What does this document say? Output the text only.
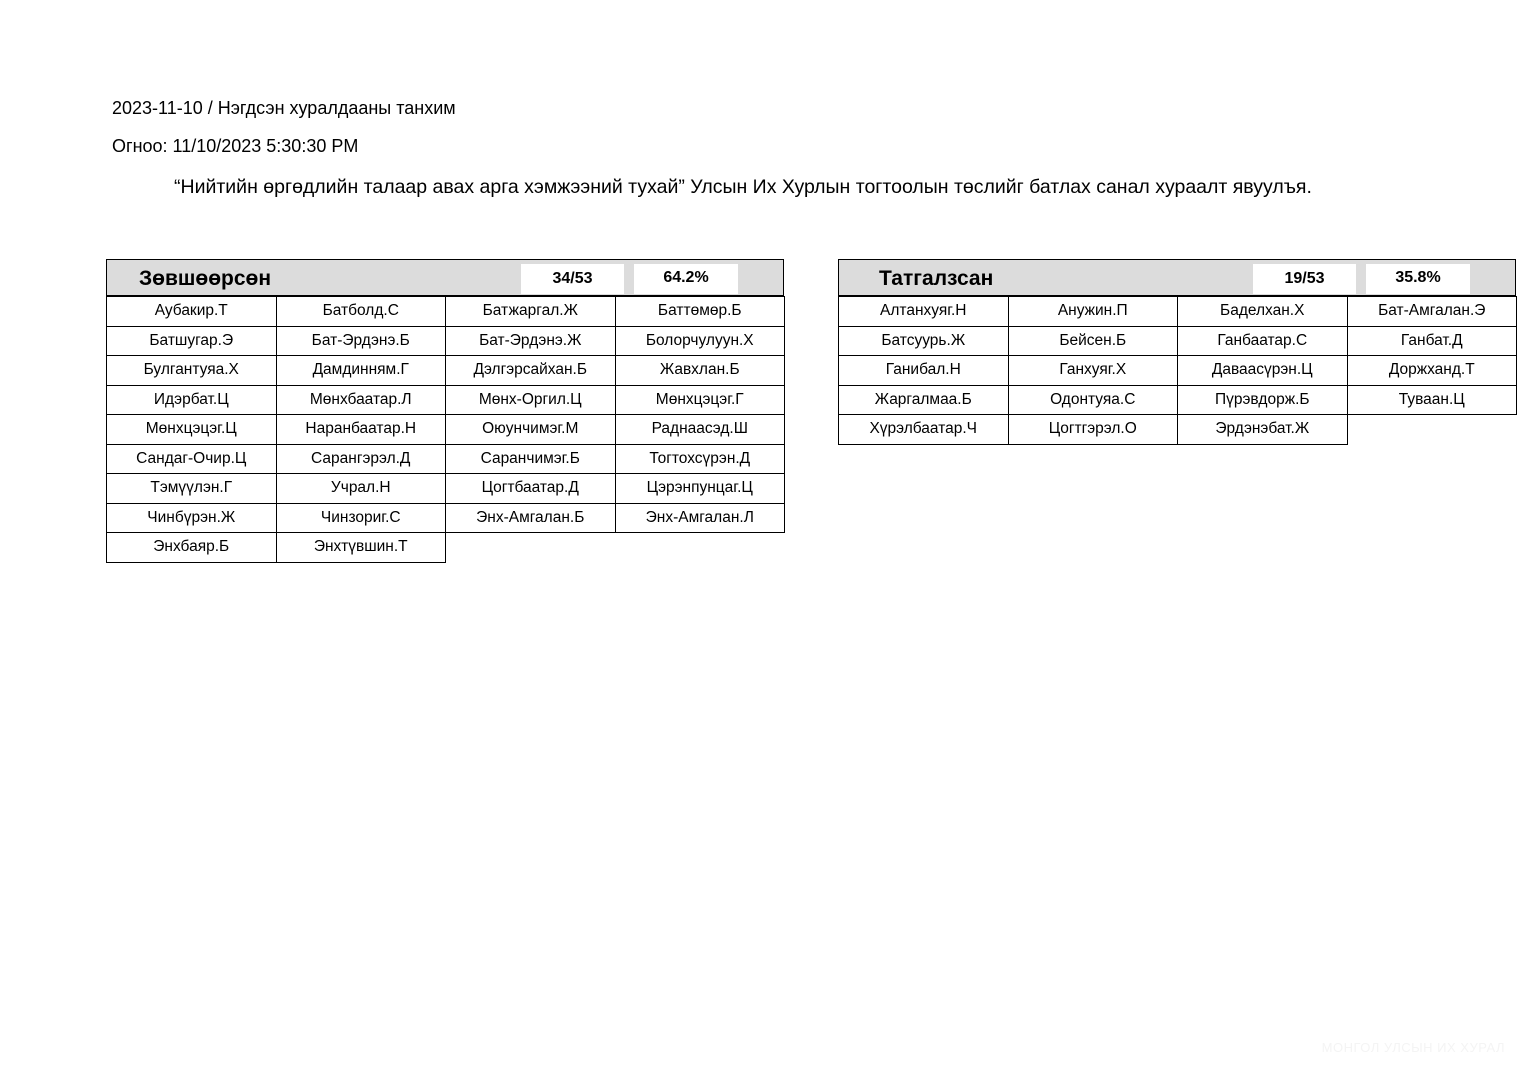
2023-11-10 / Нэгдсэн хуралдааны танхим
Огноо: 11/10/2023 5:30:30 PM
“Нийтийн өргөдлийн талаар авах арга хэмжээний тухай” Улсын Их Хурлын тогтоолын төслийг батлах санал хураалт явуулъя.
Зөвшөөрсөн	34/53	64.2%
Аубакир.Т	Батболд.С	Батжаргал.Ж	Баттөмөр.Б
Батшугар.Э	Бат-Эрдэнэ.Б	Бат-Эрдэнэ.Ж	Болорчулуун.Х
Булгантуяа.Х	Дамдинням.Г	Дэлгэрсайхан.Б	Жавхлан.Б
Идэрбат.Ц	Мөнхбаатар.Л	Мөнх-Оргил.Ц	Мөнхцэцэг.Г
Мөнхцэцэг.Ц	Наранбаатар.Н	Оюунчимэг.М	Раднаасэд.Ш
Сандаг-Очир.Ц	Сарангэрэл.Д	Саранчимэг.Б	Тогтохсүрэн.Д
Тэмүүлэн.Г	Учрал.Н	Цогтбаатар.Д	Цэрэнпунцаг.Ц
Чинбүрэн.Ж	Чинзориг.С	Энх-Амгалан.Б	Энх-Амгалан.Л
Энхбаяр.Б	Энхтүвшин.Т
Татгалзсан	19/53	35.8%
Алтанхуяг.Н	Анужин.П	Баделхан.Х	Бат-Амгалан.Э
Батсуурь.Ж	Бейсен.Б	Ганбаатар.С	Ганбат.Д
Ганибал.Н	Ганхуяг.Х	Даваасүрэн.Ц	Доржханд.Т
Жаргалмаа.Б	Одонтуяа.С	Пүрэвдорж.Б	Туваан.Ц
Хүрэлбаатар.Ч	Цогтгэрэл.О	Эрдэнэбат.Ж
МОНГОЛ УЛСЫН ИХ ХУРАЛ
